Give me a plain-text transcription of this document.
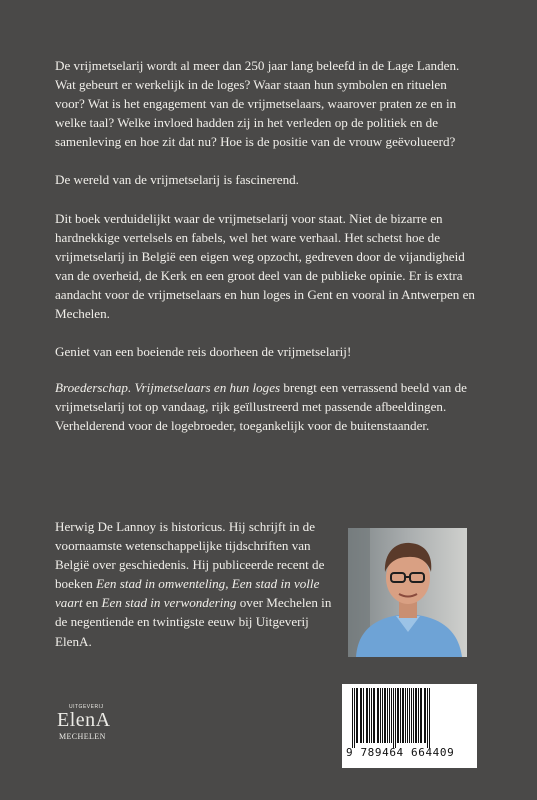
De vrijmetselarij wordt al meer dan 250 jaar lang beleefd in de Lage Landen. Wat gebeurt er werkelijk in de loges? Waar staan hun symbolen en rituelen voor? Wat is het engagement van de vrijmetselaars, waarover praten ze en in welke taal? Welke invloed hadden zij in het verleden op de politiek en de samenleving en hoe zit dat nu? Hoe is de positie van de vrouw geëvolueerd?

De wereld van de vrijmetselarij is fascinerend.

Dit boek verduidelijkt waar de vrijmetselarij voor staat. Niet de bizarre en hardnekkige vertelsels en fabels, wel het ware verhaal. Het schetst hoe de vrijmetselarij in België een eigen weg opzocht, gedreven door de vijandigheid van de overheid, de Kerk en een groot deel van de publieke opinie. Er is extra aandacht voor de vrijmetselaars en hun loges in Gent en vooral in Antwerpen en Mechelen.

Geniet van een boeiende reis doorheen de vrijmetselarij!

Broederschap. Vrijmetselaars en hun loges brengt een verrassend beeld van de vrijmetselarij tot op vandaag, rijk geïllustreerd met passende afbeeldingen. Verhelderend voor de logebroeder, toegankelijk voor de buitenstaander.

Herwig De Lannoy is historicus. Hij schrijft in de voornaamste wetenschappelijke tijdschriften van België over geschiedenis. Hij publiceerde recent de boeken Een stad in omwenteling, Een stad in volle vaart en Een stad in verwondering over Mechelen in de negentiende en twintigste eeuw bij Uitgeverij ElenA.

UITGEVERIJ
ElenA
MECHELEN
9 789464 664409
